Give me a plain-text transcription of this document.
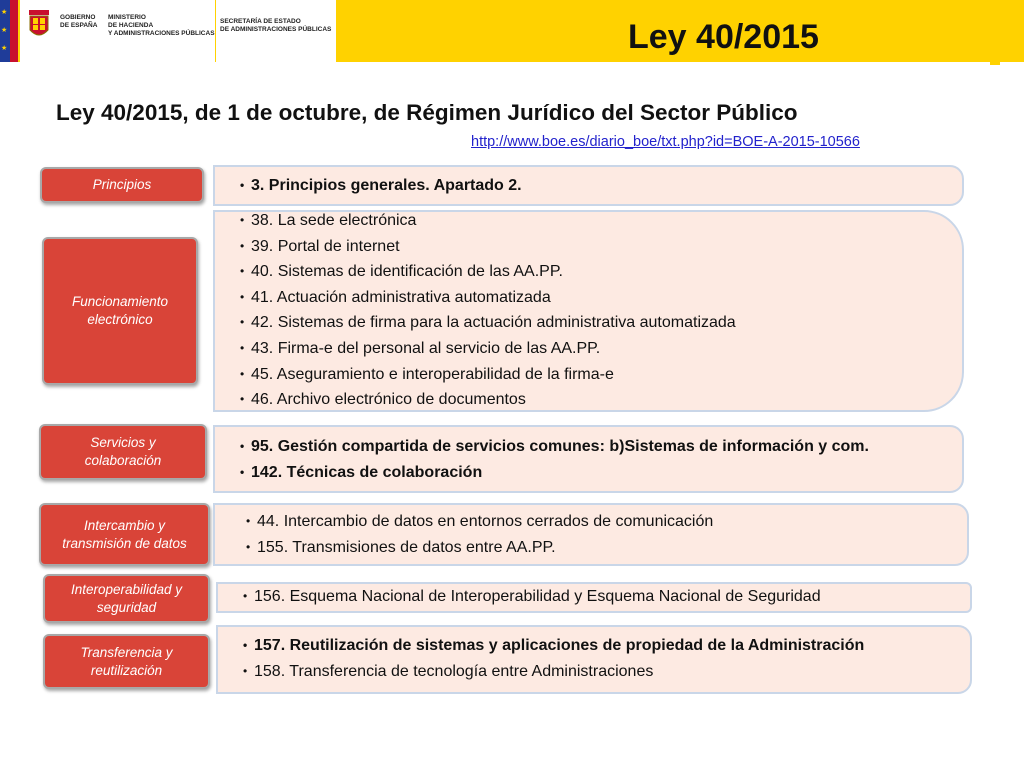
★
★
★
GOBIERNO
DE ESPAÑA
MINISTERIO
DE HACIENDA
Y ADMINISTRACIONES PÚBLICAS
SECRETARÍA DE ESTADO
DE ADMINISTRACIONES PÚBLICAS	Ley 40/2015
Ley 40/2015, de 1 de octubre, de Régimen Jurídico del Sector Público
http://www.boe.es/diario_boe/txt.php?id=BOE-A-2015-10566
Principios	• 3. Principios generales. Apartado 2.
Funcionamiento
electrónico
• 38. La sede electrónica
• 39. Portal de internet
• 40. Sistemas de identificación de las AA.PP.
• 41. Actuación administrativa automatizada
• 42. Sistemas de firma para la actuación administrativa automatizada
• 43. Firma-e del personal al servicio de las AA.PP.
• 45. Aseguramiento e interoperabilidad de la firma-e
• 46. Archivo electrónico de documentos
Servicios y
colaboración
• 95. Gestión compartida de servicios comunes: b)Sistemas de información y com.
• 142. Técnicas de colaboración
Intercambio y
transmisión de datos
• 44. Intercambio de datos en entornos cerrados de comunicación
• 155. Transmisiones de datos entre AA.PP.
Interoperabilidad y
seguridad
• 156. Esquema Nacional de Interoperabilidad y Esquema Nacional de Seguridad
Transferencia y
reutilización
• 157. Reutilización de sistemas y aplicaciones de propiedad de la Administración
• 158. Transferencia de tecnología entre Administraciones
